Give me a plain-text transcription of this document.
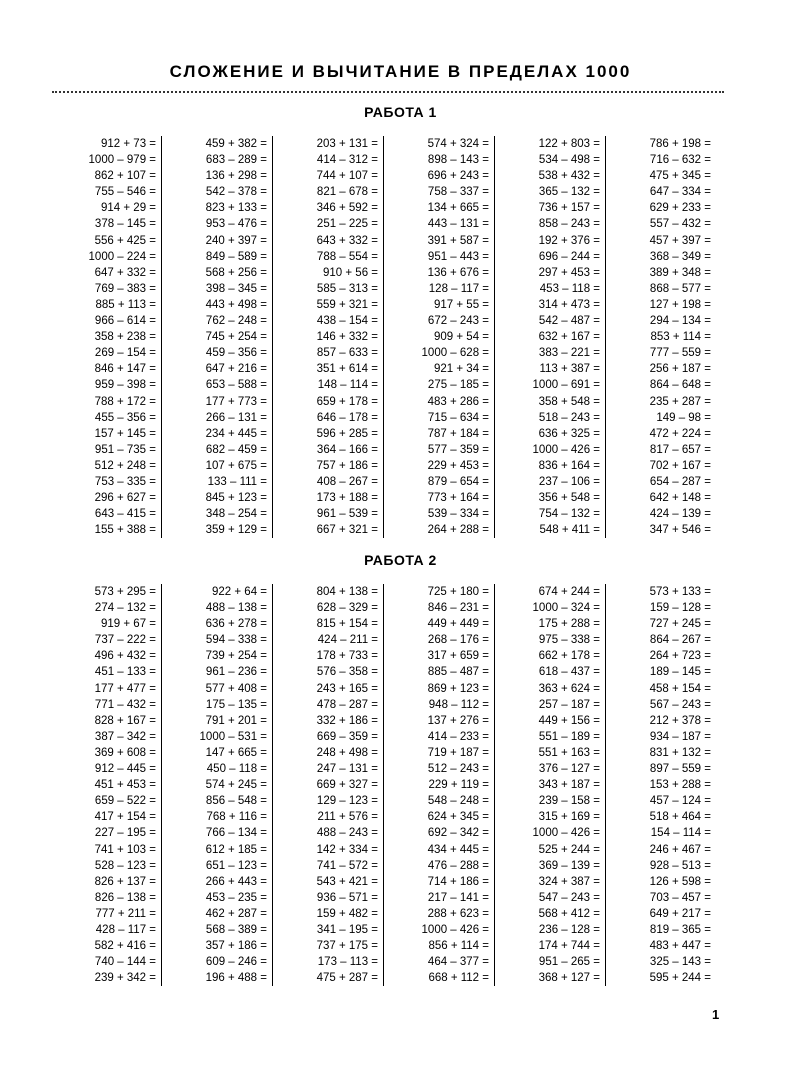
СЛОЖЕНИЕ И ВЫЧИТАНИЕ В ПРЕДЕЛАХ 1000
РАБОТА 1
912 + 73 =
1000 – 979 =
862 + 107 =
755 – 546 =
914 + 29 =
378 – 145 =
556 + 425 =
1000 – 224 =
647 + 332 =
769 – 383 =
885 + 113 =
966 – 614 =
358 + 238 =
269 – 154 =
846 + 147 =
959 – 398 =
788 + 172 =
455 – 356 =
157 + 145 =
951 – 735 =
512 + 248 =
753 – 335 =
296 + 627 =
643 – 415 =
155 + 388 =
459 + 382 =
683 – 289 =
136 + 298 =
542 – 378 =
823 + 133 =
953 – 476 =
240 + 397 =
849 – 589 =
568 + 256 =
398 – 345 =
443 + 498 =
762 – 248 =
745 + 254 =
459 – 356 =
647 + 216 =
653 – 588 =
177 + 773 =
266 – 131 =
234 + 445 =
682 – 459 =
107 + 675 =
133 – 111 =
845 + 123 =
348 – 254 =
359 + 129 =
203 + 131 =
414 – 312 =
744 + 107 =
821 – 678 =
346 + 592 =
251 – 225 =
643 + 332 =
788 – 554 =
910 + 56 =
585 – 313 =
559 + 321 =
438 – 154 =
146 + 332 =
857 – 633 =
351 + 614 =
148 – 114 =
659 + 178 =
646 – 178 =
596 + 285 =
364 – 166 =
757 + 186 =
408 – 267 =
173 + 188 =
961 – 539 =
667 + 321 =
574 + 324 =
898 – 143 =
696 + 243 =
758 – 337 =
134 + 665 =
443 – 131 =
391 + 587 =
951 – 443 =
136 + 676 =
128 – 117 =
917 + 55 =
672 – 243 =
909 + 54 =
1000 – 628 =
921 + 34 =
275 – 185 =
483 + 286 =
715 – 634 =
787 + 184 =
577 – 359 =
229 + 453 =
879 – 654 =
773 + 164 =
539 – 334 =
264 + 288 =
122 + 803 =
534 – 498 =
538 + 432 =
365 – 132 =
736 + 157 =
858 – 243 =
192 + 376 =
696 – 244 =
297 + 453 =
453 – 118 =
314 + 473 =
542 – 487 =
632 + 167 =
383 – 221 =
113 + 387 =
1000 – 691 =
358 + 548 =
518 – 243 =
636 + 325 =
1000 – 426 =
836 + 164 =
237 – 106 =
356 + 548 =
754 – 132 =
548 + 411 =
786 + 198 =
716 – 632 =
475 + 345 =
647 – 334 =
629 + 233 =
557 – 432 =
457 + 397 =
368 – 349 =
389 + 348 =
868 – 577 =
127 + 198 =
294 – 134 =
853 + 114 =
777 – 559 =
256 + 187 =
864 – 648 =
235 + 287 =
149 – 98 =
472 + 224 =
817 – 657 =
702 + 167 =
654 – 287 =
642 + 148 =
424 – 139 =
347 + 546 =
РАБОТА 2
573 + 295 =
274 – 132 =
919 + 67 =
737 – 222 =
496 + 432 =
451 – 133 =
177 + 477 =
771 – 432 =
828 + 167 =
387 – 342 =
369 + 608 =
912 – 445 =
451 + 453 =
659 – 522 =
417 + 154 =
227 – 195 =
741 + 103 =
528 – 123 =
826 + 137 =
826 – 138 =
777 + 211 =
428 – 117 =
582 + 416 =
740 – 144 =
239 + 342 =
922 + 64 =
488 – 138 =
636 + 278 =
594 – 338 =
739 + 254 =
961 – 236 =
577 + 408 =
175 – 135 =
791 + 201 =
1000 – 531 =
147 + 665 =
450 – 118 =
574 + 245 =
856 – 548 =
768 + 116 =
766 – 134 =
612 + 185 =
651 – 123 =
266 + 443 =
453 – 235 =
462 + 287 =
568 – 389 =
357 + 186 =
609 – 246 =
196 + 488 =
804 + 138 =
628 – 329 =
815 + 154 =
424 – 211 =
178 + 733 =
576 – 358 =
243 + 165 =
478 – 287 =
332 + 186 =
669 – 359 =
248 + 498 =
247 – 131 =
669 + 327 =
129 – 123 =
211 + 576 =
488 – 243 =
142 + 334 =
741 – 572 =
543 + 421 =
936 – 571 =
159 + 482 =
341 – 195 =
737 + 175 =
173 – 113 =
475 + 287 =
725 + 180 =
846 – 231 =
449 + 449 =
268 – 176 =
317 + 659 =
885 – 487 =
869 + 123 =
948 – 112 =
137 + 276 =
414 – 233 =
719 + 187 =
512 – 243 =
229 + 119 =
548 – 248 =
624 + 345 =
692 – 342 =
434 + 445 =
476 – 288 =
714 + 186 =
217 – 141 =
288 + 623 =
1000 – 426 =
856 + 114 =
464 – 377 =
668 + 112 =
674 + 244 =
1000 – 324 =
175 + 288 =
975 – 338 =
662 + 178 =
618 – 437 =
363 + 624 =
257 – 187 =
449 + 156 =
551 – 189 =
551 + 163 =
376 – 127 =
343 + 187 =
239 – 158 =
315 + 169 =
1000 – 426 =
525 + 244 =
369 – 139 =
324 + 387 =
547 – 243 =
568 + 412 =
236 – 128 =
174 + 744 =
951 – 265 =
368 + 127 =
573 + 133 =
159 – 128 =
727 + 245 =
864 – 267 =
264 + 723 =
189 – 145 =
458 + 154 =
567 – 243 =
212 + 378 =
934 – 187 =
831 + 132 =
897 – 559 =
153 + 288 =
457 – 124 =
518 + 464 =
154 – 114 =
246 + 467 =
928 – 513 =
126 + 598 =
703 – 457 =
649 + 217 =
819 – 365 =
483 + 447 =
325 – 143 =
595 + 244 =
1
